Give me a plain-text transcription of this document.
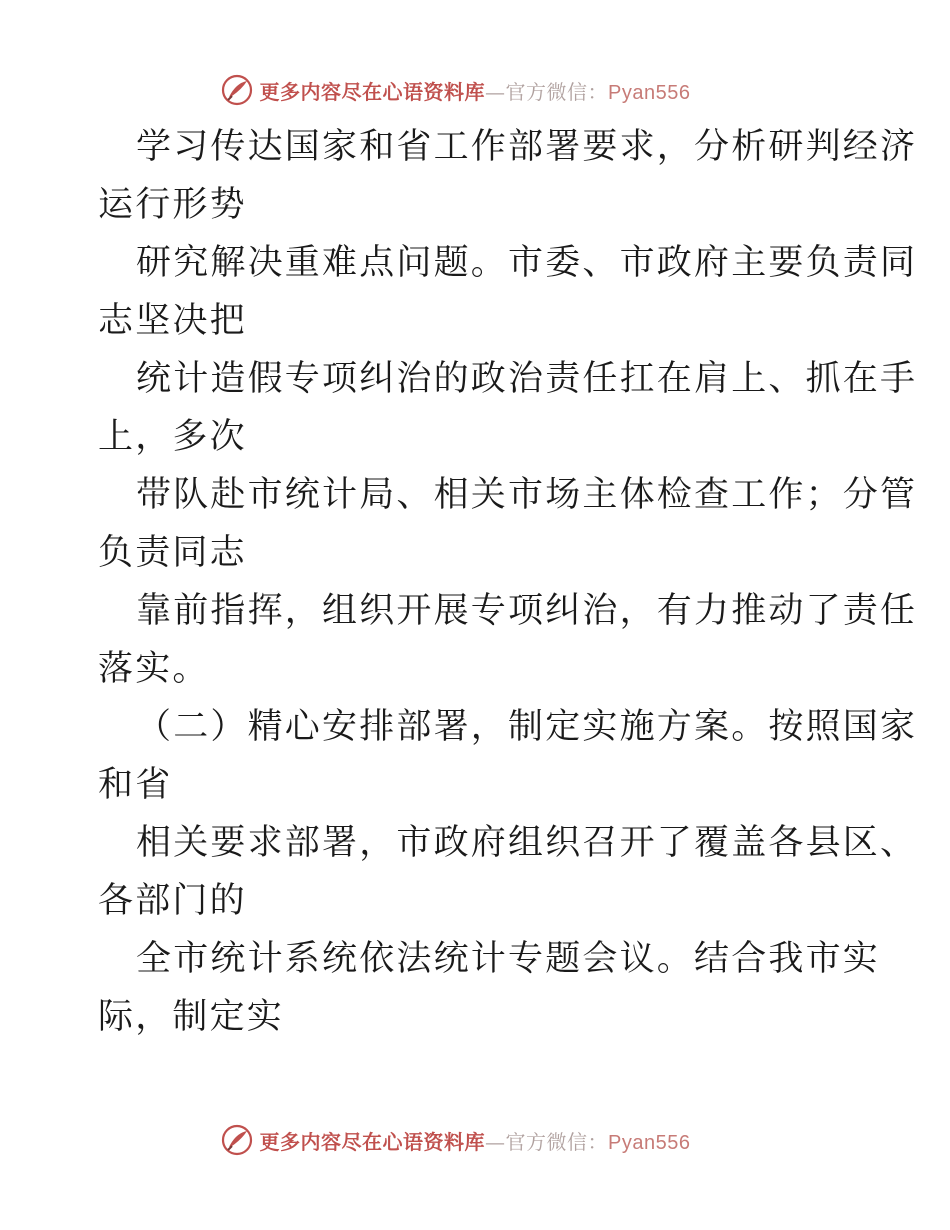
更多内容尽在心语资料库—官方微信：Pyan556
学习传达国家和省工作部署要求，分析研判经济
运行形势
研究解决重难点问题。市委、市政府主要负责同
志坚决把
统计造假专项纠治的政治责任扛在肩上、抓在手
上，多次
带队赴市统计局、相关市场主体检查工作；分管
负责同志
靠前指挥，组织开展专项纠治，有力推动了责任
落实。
（二）精心安排部署，制定实施方案。按照国家
和省
相关要求部署，市政府组织召开了覆盖各县区、
各部门的
全市统计系统依法统计专题会议。结合我市实
际，制定实
更多内容尽在心语资料库—官方微信：Pyan556
